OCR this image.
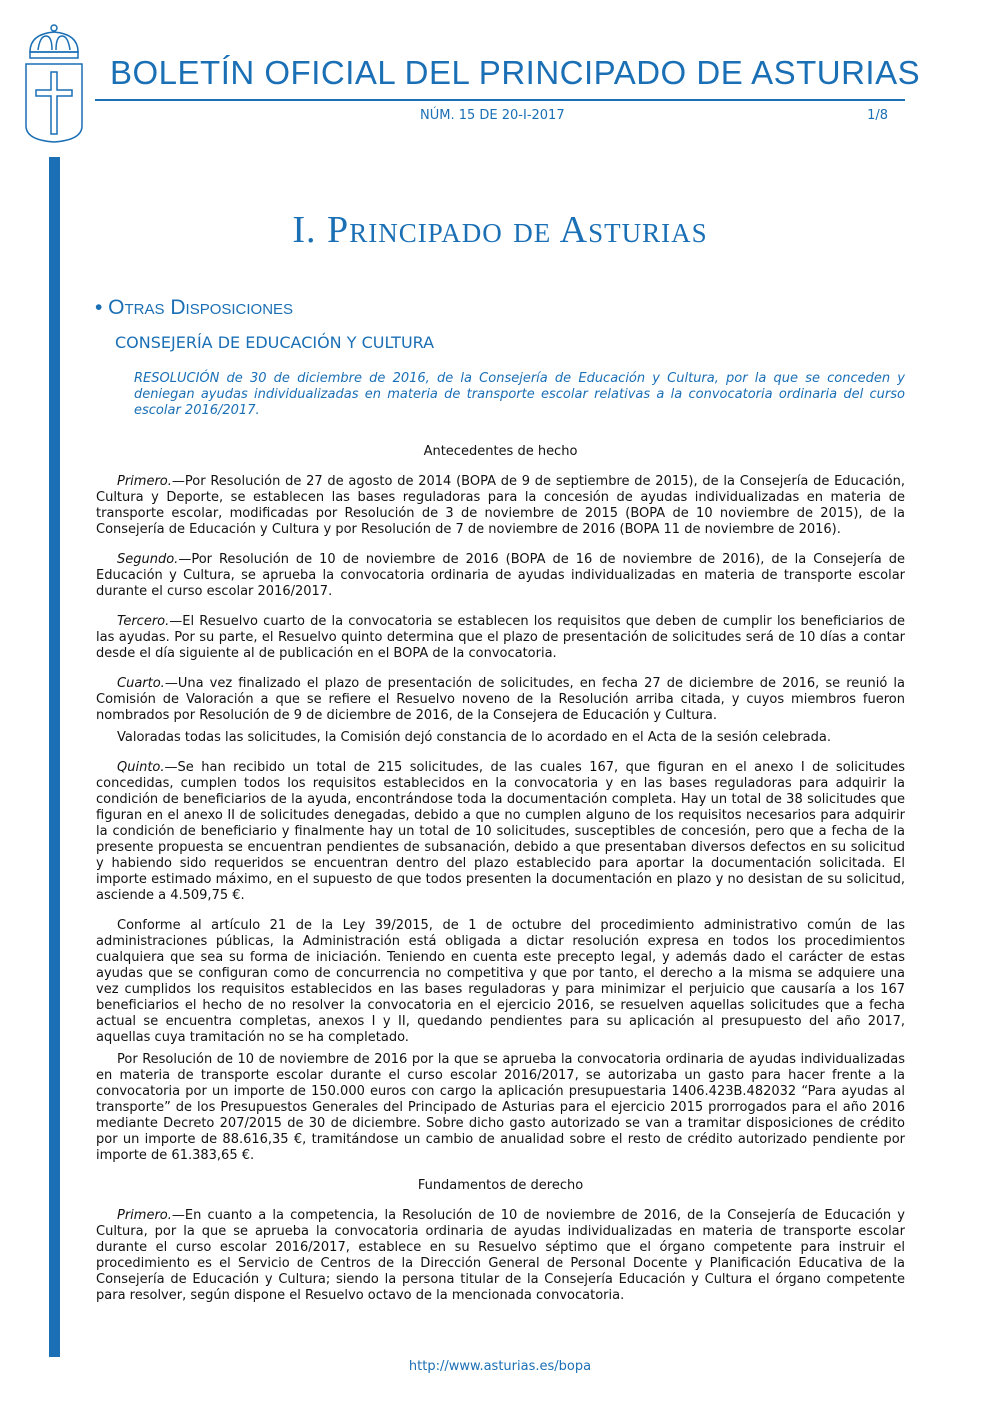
BOLETÍN OFICIAL DEL PRINCIPADO DE ASTURIAS
NÚM. 15 DE 20-I-2017	1/8
Cód. 2017-00246
I. Principado de Asturias
• Otras Disposiciones
CONSEJERÍA DE EDUCACIÓN Y CULTURA
RESOLUCIÓN de 30 de diciembre de 2016, de la Consejería de Educación y Cultura, por la que se conceden y deniegan ayudas individualizadas en materia de transporte escolar relativas a la convocatoria ordinaria del curso escolar 2016/2017.
Antecedentes de hecho

Primero.—Por Resolución de 27 de agosto de 2014 (BOPA de 9 de septiembre de 2015), de la Consejería de Educación, Cultura y Deporte, se establecen las bases reguladoras para la concesión de ayudas individualizadas en materia de transporte escolar, modificadas por Resolución de 3 de noviembre de 2015 (BOPA de 10 noviembre de 2015), de la Consejería de Educación y Cultura y por Resolución de 7 de noviembre de 2016 (BOPA 11 de noviembre de 2016).

Segundo.—Por Resolución de 10 de noviembre de 2016 (BOPA de 16 de noviembre de 2016), de la Consejería de Educación y Cultura, se aprueba la convocatoria ordinaria de ayudas individualizadas en materia de transporte escolar durante el curso escolar 2016/2017.

Tercero.—El Resuelvo cuarto de la convocatoria se establecen los requisitos que deben de cumplir los beneficiarios de las ayudas. Por su parte, el Resuelvo quinto determina que el plazo de presentación de solicitudes será de 10 días a contar desde el día siguiente al de publicación en el BOPA de la convocatoria.

Cuarto.—Una vez finalizado el plazo de presentación de solicitudes, en fecha 27 de diciembre de 2016, se reunió la Comisión de Valoración a que se refiere el Resuelvo noveno de la Resolución arriba citada, y cuyos miembros fueron nombrados por Resolución de 9 de diciembre de 2016, de la Consejera de Educación y Cultura.

Valoradas todas las solicitudes, la Comisión dejó constancia de lo acordado en el Acta de la sesión celebrada.

Quinto.—Se han recibido un total de 215 solicitudes, de las cuales 167, que figuran en el anexo I de solicitudes concedidas, cumplen todos los requisitos establecidos en la convocatoria y en las bases reguladoras para adquirir la condición de beneficiarios de la ayuda, encontrándose toda la documentación completa. Hay un total de 38 solicitudes que figuran en el anexo II de solicitudes denegadas, debido a que no cumplen alguno de los requisitos necesarios para adquirir la condición de beneficiario y finalmente hay un total de 10 solicitudes, susceptibles de concesión, pero que a fecha de la presente propuesta se encuentran pendientes de subsanación, debido a que presentaban diversos defectos en su solicitud y habiendo sido requeridos se encuentran dentro del plazo establecido para aportar la documentación solicitada. El importe estimado máximo, en el supuesto de que todos presenten la documentación en plazo y no desistan de su solicitud, asciende a 4.509,75 €.

Conforme al artículo 21 de la Ley 39/2015, de 1 de octubre del procedimiento administrativo común de las administraciones públicas, la Administración está obligada a dictar resolución expresa en todos los procedimientos cualquiera que sea su forma de iniciación. Teniendo en cuenta este precepto legal, y además dado el carácter de estas ayudas que se configuran como de concurrencia no competitiva y que por tanto, el derecho a la misma se adquiere una vez cumplidos los requisitos establecidos en las bases reguladoras y para minimizar el perjuicio que causaría a los 167 beneficiarios el hecho de no resolver la convocatoria en el ejercicio 2016, se resuelven aquellas solicitudes que a fecha actual se encuentra completas, anexos I y II, quedando pendientes para su aplicación al presupuesto del año 2017, aquellas cuya tramitación no se ha completado.

Por Resolución de 10 de noviembre de 2016 por la que se aprueba la convocatoria ordinaria de ayudas individualizadas en materia de transporte escolar durante el curso escolar 2016/2017, se autorizaba un gasto para hacer frente a la convocatoria por un importe de 150.000 euros con cargo la aplicación presupuestaria 1406.423B.482032 “Para ayudas al transporte” de los Presupuestos Generales del Principado de Asturias para el ejercicio 2015 prorrogados para el año 2016 mediante Decreto 207/2015 de 30 de diciembre. Sobre dicho gasto autorizado se van a tramitar disposiciones de crédito por un importe de 88.616,35 €, tramitándose un cambio de anualidad sobre el resto de crédito autorizado pendiente por importe de 61.383,65 €.

Fundamentos de derecho

Primero.—En cuanto a la competencia, la Resolución de 10 de noviembre de 2016, de la Consejería de Educación y Cultura, por la que se aprueba la convocatoria ordinaria de ayudas individualizadas en materia de transporte escolar durante el curso escolar 2016/2017, establece en su Resuelvo séptimo que el órgano competente para instruir el procedimiento es el Servicio de Centros de la Dirección General de Personal Docente y Planificación Educativa de la Consejería de Educación y Cultura; siendo la persona titular de la Consejería Educación y Cultura el órgano competente para resolver, según dispone el Resuelvo octavo de la mencionada convocatoria.

http://www.asturias.es/bopa
